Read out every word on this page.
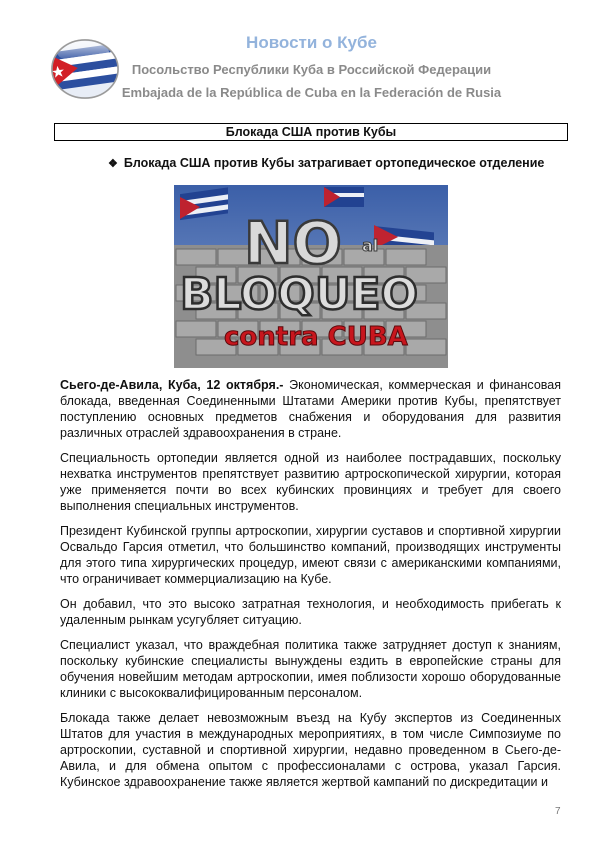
Новости о Кубе
Посольство Республики Куба в Российской Федерации
Embajada de la República de Cuba en la Federación de Rusia
Блокада США против Кубы
❖ Блокада США против Кубы затрагивает ортопедическое отделение
NO al
BLOQUEO
contra CUBA

Сьего-де-Авила, Куба, 12 октября.- Экономическая, коммерческая и финансовая блокада, введенная Соединенными Штатами Америки против Кубы, препятствует поступлению основных предметов снабжения и оборудования для развития различных отраслей здравоохранения в стране.

Специальность ортопедии является одной из наиболее пострадавших, поскольку нехватка инструментов препятствует развитию артроскопической хирургии, которая уже применяется почти во всех кубинских провинциях и требует для своего выполнения специальных инструментов.

Президент Кубинской группы артроскопии, хирургии суставов и спортивной хирургии Освальдо Гарсия отметил, что большинство компаний, производящих инструменты для этого типа хирургических процедур, имеют связи с американскими компаниями, что ограничивает коммерциализацию на Кубе.

Он добавил, что это высоко затратная технология, и необходимость прибегать к удаленным рынкам усугубляет ситуацию.

Специалист указал, что враждебная политика также затрудняет доступ к знаниям, поскольку кубинские специалисты вынуждены ездить в европейские страны для обучения новейшим методам артроскопии, имея поблизости хорошо оборудованные клиники с высококвалифицированным персоналом.

Блокада также делает невозможным въезд на Кубу экспертов из Соединенных Штатов для участия в международных мероприятиях, в том числе Симпозиуме по артроскопии, суставной и спортивной хирургии, недавно проведенном в Сьего-де-Авила, и для обмена опытом с профессионалами с острова, указал Гарсия. Кубинское здравоохранение также является жертвой кампаний по дискредитации и

7
